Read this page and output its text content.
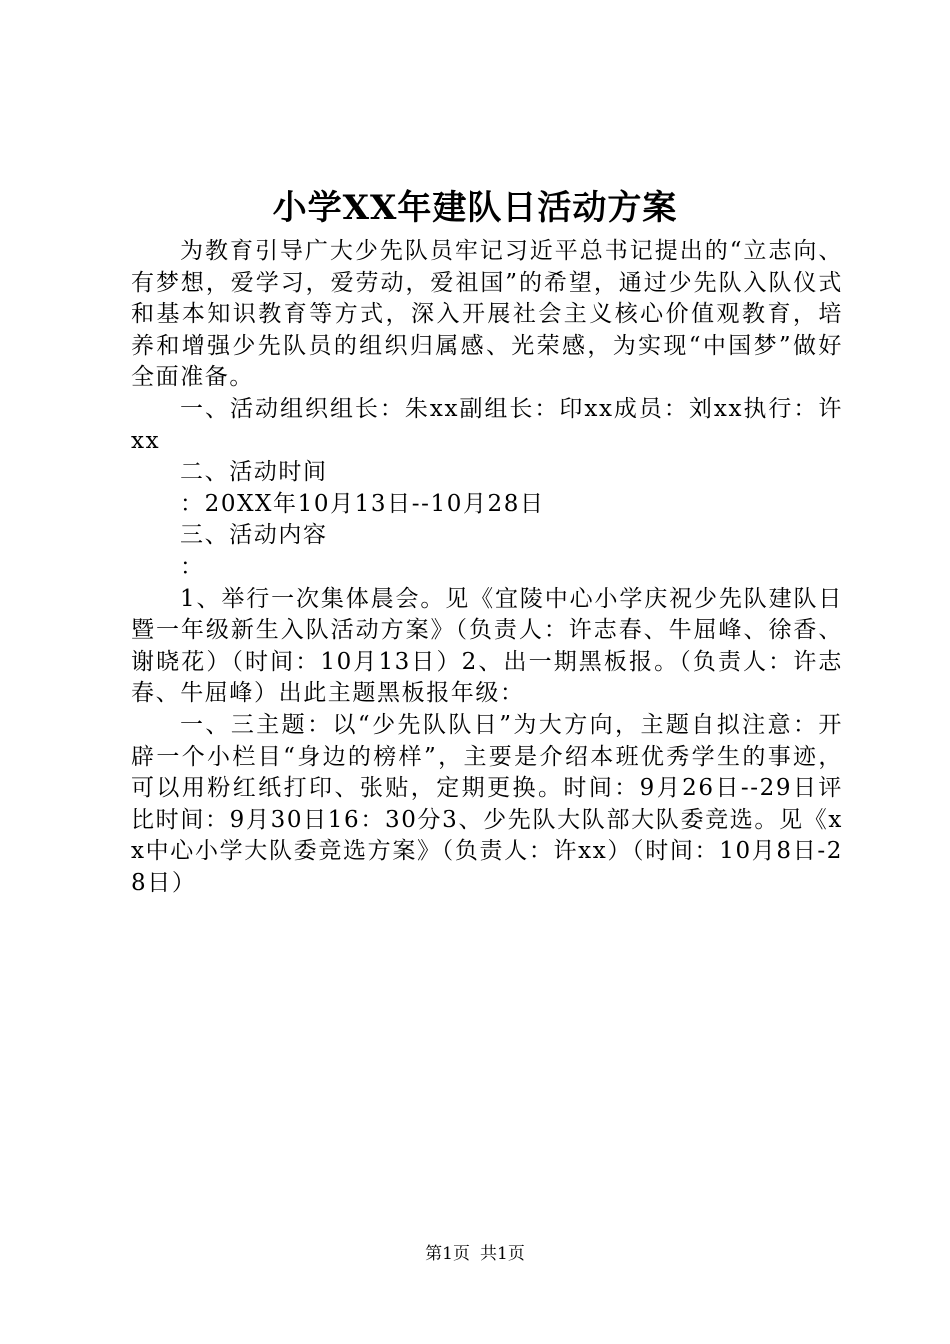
小学XX年建队日活动方案

为教育引导广大少先队员牢记习近平总书记提出的“立志向、有梦想，爱学习，爱劳动，爱祖国”的希望，通过少先队入队仪式和基本知识教育等方式，深入开展社会主义核心价值观教育，培养和增强少先队员的组织归属感、光荣感，为实现“中国梦”做好全面准备。

一、活动组织组长：朱xx副组长：印xx成员：刘xx执行：许xx

二、活动时间

：20XX年10月13日--10月28日

三、活动内容

：

1、举行一次集体晨会。见《宜陵中心小学庆祝少先队建队日暨一年级新生入队活动方案》（负责人：许志春、牛屈峰、徐香、谢晓花）（时间：10月13日）2、出一期黑板报。（负责人：许志春、牛屈峰）出此主题黑板报年级：

一、三主题：以“少先队队日”为大方向，主题自拟注意：开辟一个小栏目“身边的榜样”，主要是介绍本班优秀学生的事迹，可以用粉红纸打印、张贴，定期更换。时间：9月26日--29日评比时间：9月30日16：30分3、少先队大队部大队委竞选。见《xx中心小学大队委竞选方案》（负责人：许xx）（时间：10月8日-28日）

第1页 共1页
